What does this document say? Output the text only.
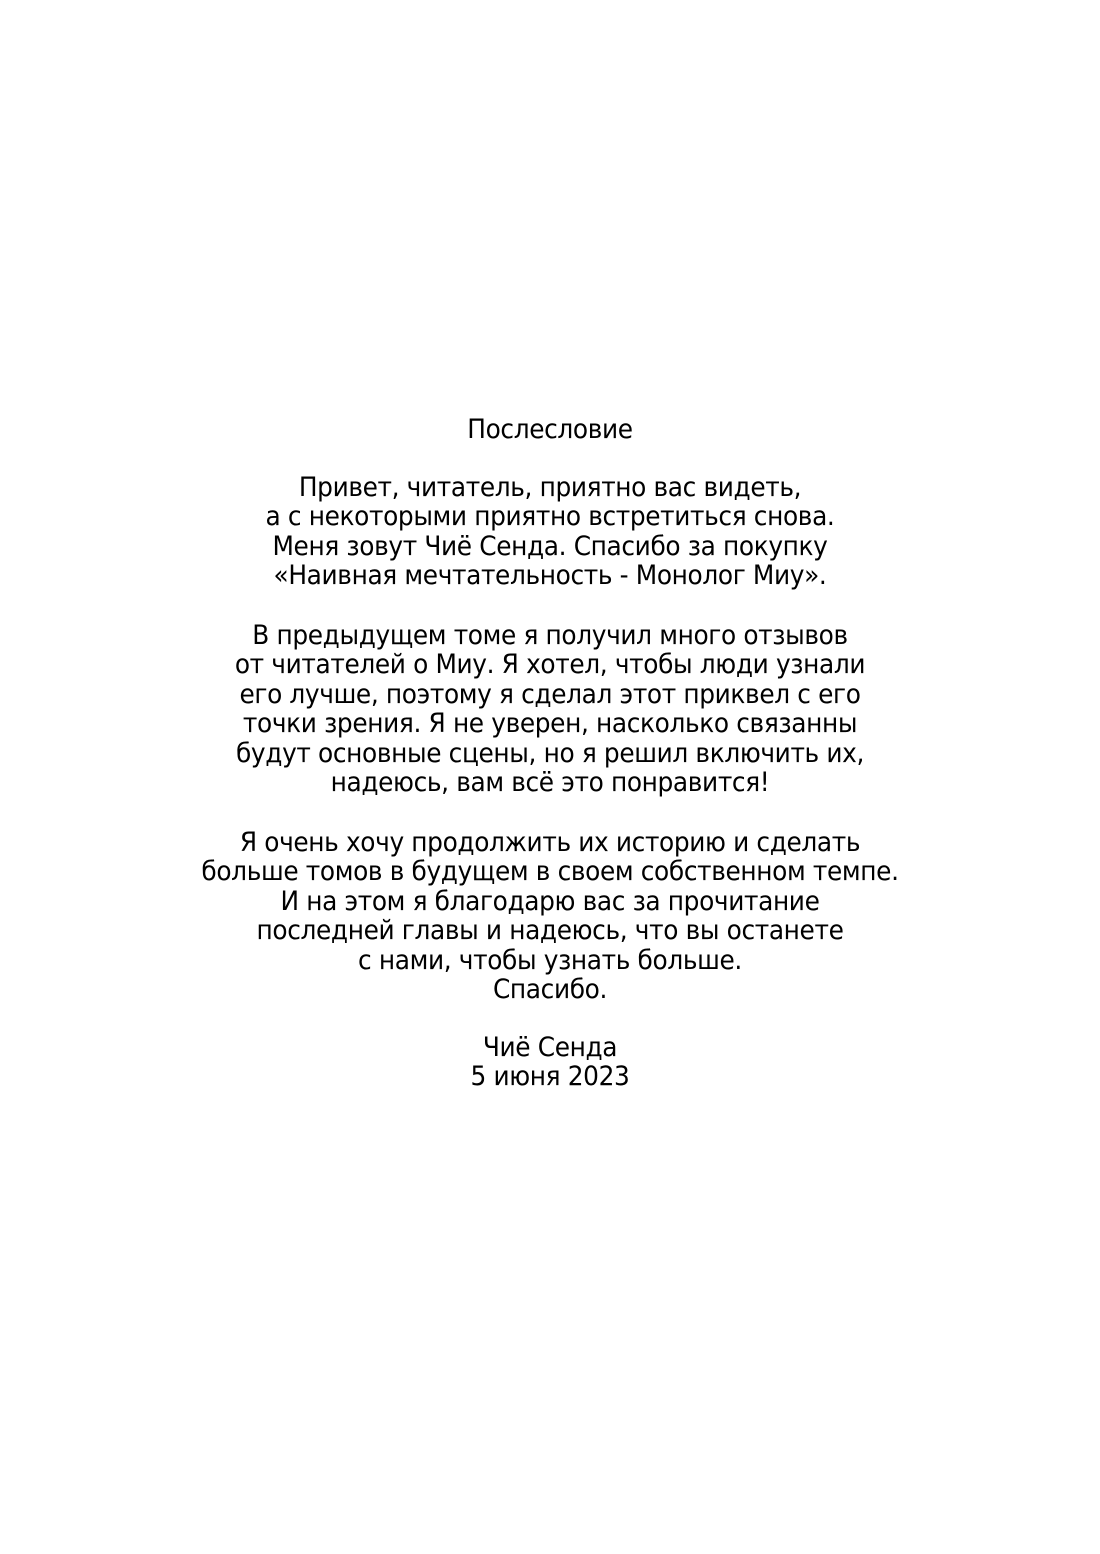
Послесловие
Привет, читатель, приятно вас видеть,
а с некоторыми приятно встретиться снова.
Меня зовут Чиё Сенда. Спасибо за покупку
«Наивная мечтательность - Монолог Миу».
В предыдущем томе я получил много отзывов
от читателей о Миу. Я хотел, чтобы люди узнали
его лучше, поэтому я сделал этот приквел с его
точки зрения. Я не уверен, насколько связанны
будут основные сцены, но я решил включить их,
надеюсь, вам всё это понравится!
Я очень хочу продолжить их историю и сделать
больше томов в будущем в своем собственном темпе.
И на этом я благодарю вас за прочитание
последней главы и надеюсь, что вы останете
с нами, чтобы узнать больше.
Спасибо.
Чиё Сенда
5 июня 2023
